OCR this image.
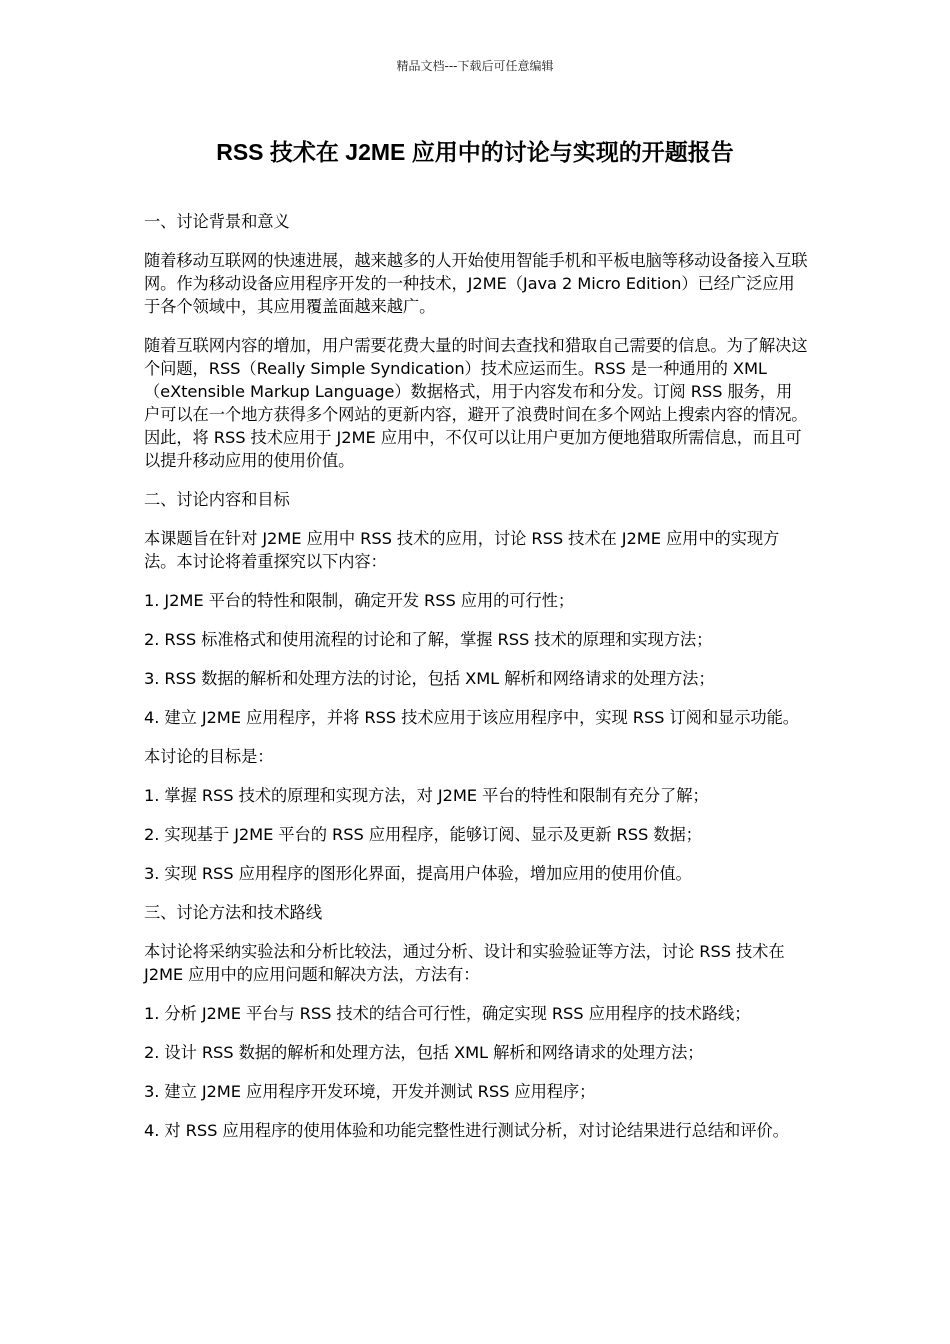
精品文档---下载后可任意编辑
RSS 技术在 J2ME 应用中的讨论与实现的开题报告

一、讨论背景和意义

随着移动互联网的快速进展，越来越多的人开始使用智能手机和平板电脑等移动设备接入互联网。作为移动设备应用程序开发的一种技术，J2ME（Java 2 Micro Edition）已经广泛应用于各个领域中，其应用覆盖面越来越广。

随着互联网内容的增加，用户需要花费大量的时间去查找和猎取自己需要的信息。为了解决这个问题，RSS（Really Simple Syndication）技术应运而生。RSS 是一种通用的 XML（eXtensible Markup Language）数据格式，用于内容发布和分发。订阅 RSS 服务，用户可以在一个地方获得多个网站的更新内容，避开了浪费时间在多个网站上搜索内容的情况。因此，将 RSS 技术应用于 J2ME 应用中，不仅可以让用户更加方便地猎取所需信息，而且可以提升移动应用的使用价值。

二、讨论内容和目标

本课题旨在针对 J2ME 应用中 RSS 技术的应用，讨论 RSS 技术在 J2ME 应用中的实现方法。本讨论将着重探究以下内容：

1. J2ME 平台的特性和限制，确定开发 RSS 应用的可行性；

2. RSS 标准格式和使用流程的讨论和了解，掌握 RSS 技术的原理和实现方法；

3. RSS 数据的解析和处理方法的讨论，包括 XML 解析和网络请求的处理方法；

4. 建立 J2ME 应用程序，并将 RSS 技术应用于该应用程序中，实现 RSS 订阅和显示功能。

本讨论的目标是：

1. 掌握 RSS 技术的原理和实现方法，对 J2ME 平台的特性和限制有充分了解；

2. 实现基于 J2ME 平台的 RSS 应用程序，能够订阅、显示及更新 RSS 数据；

3. 实现 RSS 应用程序的图形化界面，提高用户体验，增加应用的使用价值。

三、讨论方法和技术路线

本讨论将采纳实验法和分析比较法，通过分析、设计和实验验证等方法，讨论 RSS 技术在 J2ME 应用中的应用问题和解决方法，方法有：

1. 分析 J2ME 平台与 RSS 技术的结合可行性，确定实现 RSS 应用程序的技术路线；

2. 设计 RSS 数据的解析和处理方法，包括 XML 解析和网络请求的处理方法；

3. 建立 J2ME 应用程序开发环境，开发并测试 RSS 应用程序；

4. 对 RSS 应用程序的使用体验和功能完整性进行测试分析，对讨论结果进行总结和评价。
